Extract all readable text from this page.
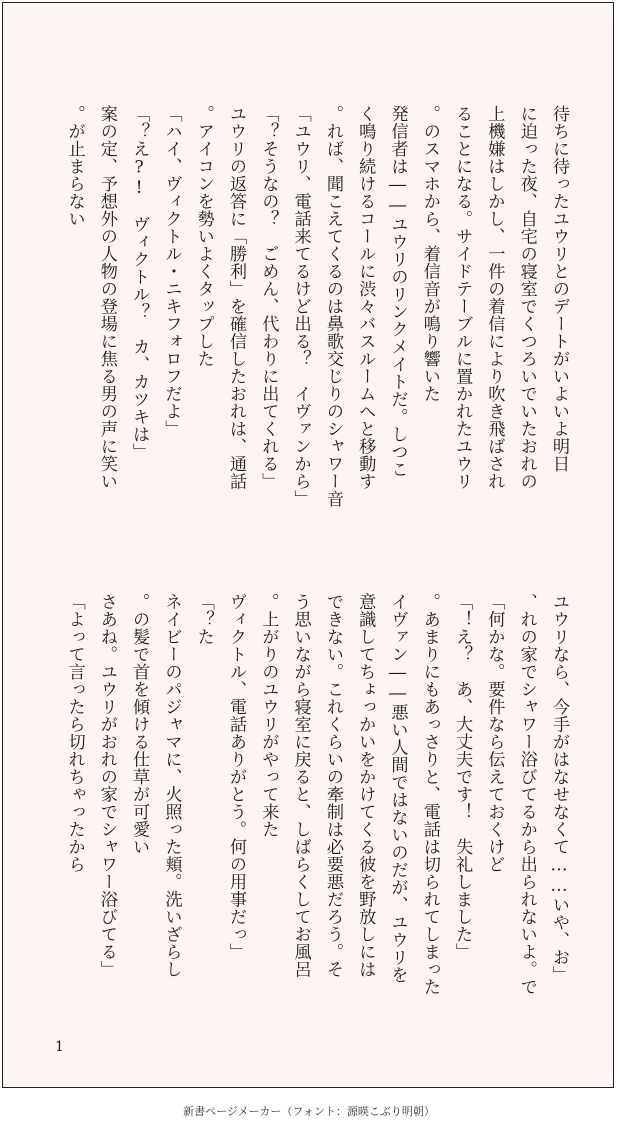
待ちに待ったユウリとのデートがいよいよ明日
に迫った夜、自宅の寝室でくつろいでいたおれの
上機嫌はしかし、一件の着信により吹き飛ばされ
ることになる。サイドテーブルに置かれたユウリ
のスマホから、着信音が鳴り響いた。
　発信者は――ユウリのリンクメイトだ。しつこ
く鳴り続けるコールに渋々バスルームへと移動す
れば、聞こえてくるのは鼻歌交じりのシャワー音。
「ユウリ、電話来てるけど出る？　イヴァンから」
「そうなの？　ごめん、代わりに出てくれる？」
ユウリの返答に「勝利」を確信したおれは、通話
アイコンを勢いよくタップした。
「ハイ、ヴィクトル・ニキフォロフだよ」
「え?!　ヴィクトル？　カ、カツキは？」
案の定、予想外の人物の登場に焦る男の声に笑い
が止まらない。
「ユウリなら、今手がはなせなくて……いや、お
れの家でシャワー浴びてるから出られないよ。で、
何かな。要件なら伝えておくけど」
「え？　あ、大丈夫です！　失礼しました！」
あまりにもあっさりと、電話は切られてしまった。
イヴァン――悪い人間ではないのだが、ユウリを
意識してちょっかいをかけてくる彼を野放しには
できない。これくらいの牽制は必要悪だろう。そ
う思いながら寝室に戻ると、しばらくしてお風呂
上がりのユウリがやって来た。
「ヴィクトル、電話ありがとう。何の用事だっ
た？」
ネイビーのパジャマに、火照った頬。洗いざらし
の髪で首を傾ける仕草が可愛い。
「さあね。ユウリがおれの家でシャワー浴びてる
よって言ったら切れちゃったから」
1
新書ページメーカー（フォント：源暎こぶり明朝）
